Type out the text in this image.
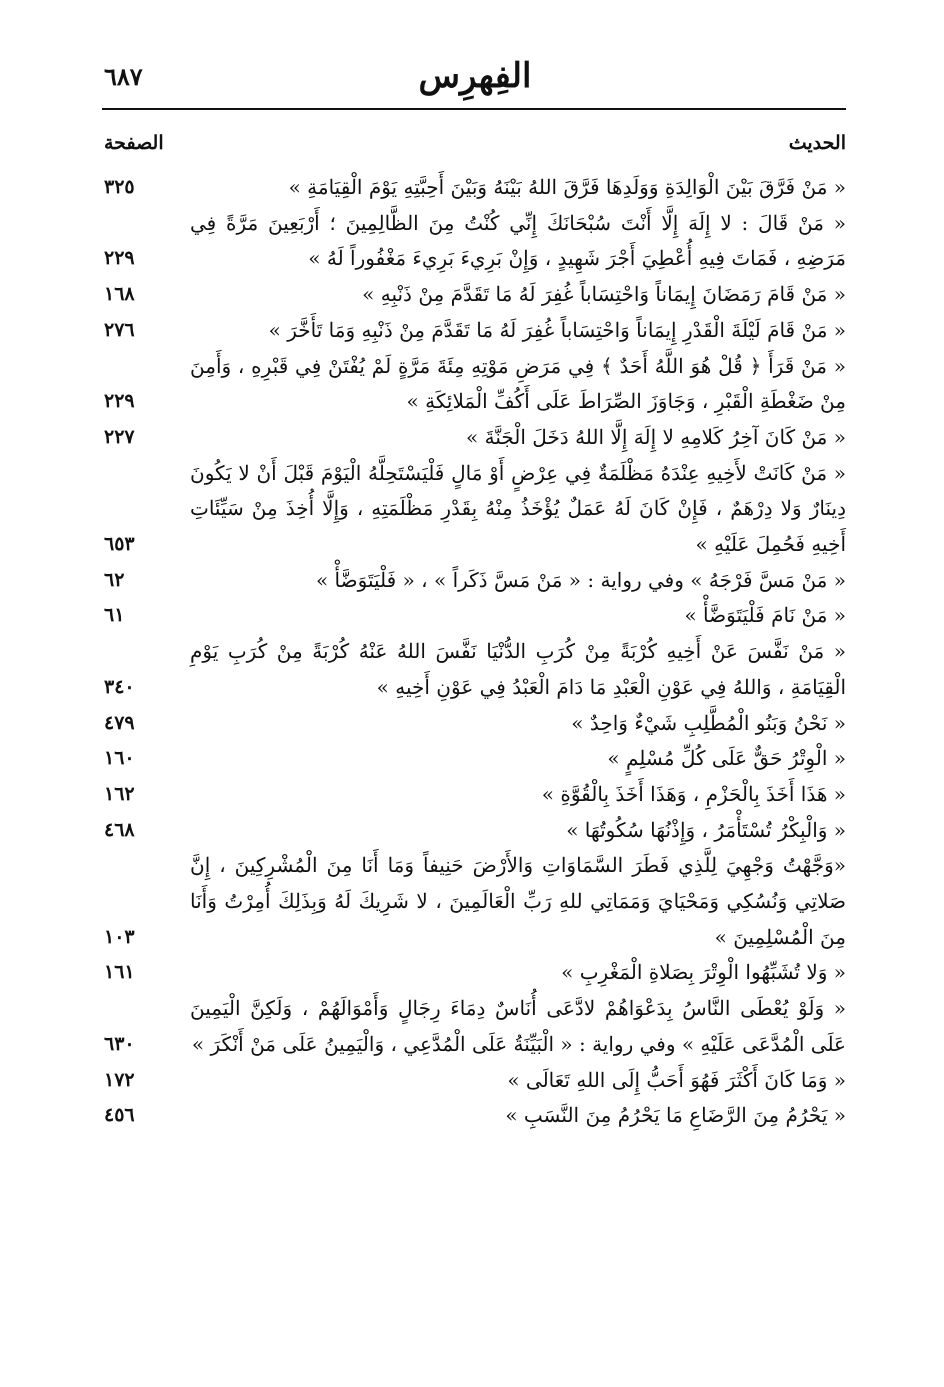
الفِهرِس
٦٨٧
الحديث
الصفحة
« مَنْ فَرَّقَ بَيْنَ الْوَالِدَةِ وَوَلَدِهَا فَرَّقَ اللهُ بَيْنَهُ وَبَيْنَ أَحِبَّتِهِ يَوْمَ الْقِيَامَةِ »
٣٢٥
« مَنْ قَالَ : لا إِلَهَ إِلَّا أَنْتَ سُبْحَانَكَ إِنِّي كُنْتُ مِنَ الظَّالِمِينَ ؛ أَرْبَعِينَ مَرَّةً فِي مَرَضِهِ ، فَمَاتَ فِيهِ أُعْطِيَ أَجْرَ شَهِيدٍ ، وَإِنْ بَرِيءَ بَرِيءَ مَغْفُوراً لَهُ »
٢٢٩
« مَنْ قَامَ رَمَضَانَ إِيمَاناً وَاحْتِسَاباً غُفِرَ لَهُ مَا تَقَدَّمَ مِنْ ذَنْبِهِ »
١٦٨
« مَنْ قَامَ لَيْلَةَ الْقَدْرِ إِيمَاناً وَاحْتِسَاباً غُفِرَ لَهُ مَا تَقَدَّمَ مِنْ ذَنْبِهِ وَمَا تَأَخَّرَ »
٢٧٦
« مَنْ قَرَأَ ﴿ قُلْ هُوَ اللَّهُ أَحَدٌ ﴾ فِي مَرَضِ مَوْتِهِ مِئَةَ مَرَّةٍ لَمْ يُفْتَنْ فِي قَبْرِهِ ، وَأَمِنَ مِنْ ضَغْطَةِ الْقَبْرِ ، وَجَاوَزَ الصِّرَاطَ عَلَى أَكُفِّ الْمَلائِكَةِ »
٢٢٩
« مَنْ كَانَ آخِرُ كَلامِهِ لا إِلَهَ إِلَّا اللهُ دَخَلَ الْجَنَّةَ »
٢٢٧
« مَنْ كَانَتْ لأَخِيهِ عِنْدَهُ مَظْلَمَةٌ فِي عِرْضٍ أَوْ مَالٍ فَلْيَسْتَحِلَّهُ الْيَوْمَ قَبْلَ أَنْ لا يَكُونَ دِينَارٌ وَلا دِرْهَمٌ ، فَإِنْ كَانَ لَهُ عَمَلٌ يُؤْخَذُ مِنْهُ بِقَدْرِ مَظْلَمَتِهِ ، وَإِلَّا أُخِذَ مِنْ سَيِّئَاتِ أَخِيهِ فَحُمِلَ عَلَيْهِ »
٦٥٣
« مَنْ مَسَّ فَرْجَهُ » وفي رواية : « مَنْ مَسَّ ذَكَراً » ، « فَلْيَتَوَضَّأْ »
٦٢
« مَنْ نَامَ فَلْيَتَوَضَّأْ »
٦١
« مَنْ نَفَّسَ عَنْ أَخِيهِ كُرْبَةً مِنْ كُرَبِ الدُّنْيَا نَفَّسَ اللهُ عَنْهُ كُرْبَةً مِنْ كُرَبِ يَوْمِ الْقِيَامَةِ ، وَاللهُ فِي عَوْنِ الْعَبْدِ مَا دَامَ الْعَبْدُ فِي عَوْنِ أَخِيهِ »
٣٤٠
« نَحْنُ وَبَنُو الْمُطَّلِبِ شَيْءٌ وَاحِدٌ »
٤٧٩
« الْوِتْرُ حَقٌّ عَلَى كُلِّ مُسْلِمٍ »
١٦٠
« هَذَا أَخَذَ بِالْحَزْمِ ، وَهَذَا أَخَذَ بِالْقُوَّةِ »
١٦٢
« وَالْبِكْرُ تُسْتَأْمَرُ ، وَإِذْنُهَا سُكُوتُهَا »
٤٦٨
«وَجَّهْتُ وَجْهِيَ لِلَّذِي فَطَرَ السَّمَاوَاتِ وَالأَرْضَ حَنِيفاً وَمَا أَنَا مِنَ الْمُشْرِكِينَ ، إِنَّ صَلاتِي وَنُسُكِي وَمَحْيَايَ وَمَمَاتِي للهِ رَبِّ الْعَالَمِينَ ، لا شَرِيكَ لَهُ وَبِذَلِكَ أُمِرْتُ وَأَنَا مِنَ الْمُسْلِمِينَ »
١٠٣
« وَلا تُشَبِّهُوا الْوِتْرَ بِصَلاةِ الْمَغْرِبِ »
١٦١
« وَلَوْ يُعْطَى النَّاسُ بِدَعْوَاهُمْ لادَّعَى أُنَاسٌ دِمَاءَ رِجَالٍ وَأَمْوَالَهُمْ ، وَلَكِنَّ الْيَمِينَ عَلَى الْمُدَّعَى عَلَيْهِ » وفي رواية : « الْبَيِّنَةُ عَلَى الْمُدَّعِي ، وَالْيَمِينُ عَلَى مَنْ أَنْكَرَ »
٦٣٠
« وَمَا كَانَ أَكْثَرَ فَهُوَ أَحَبُّ إِلَى اللهِ تَعَالَى »
١٧٢
« يَحْرُمُ مِنَ الرَّضَاعِ مَا يَحْرُمُ مِنَ النَّسَبِ »
٤٥٦
